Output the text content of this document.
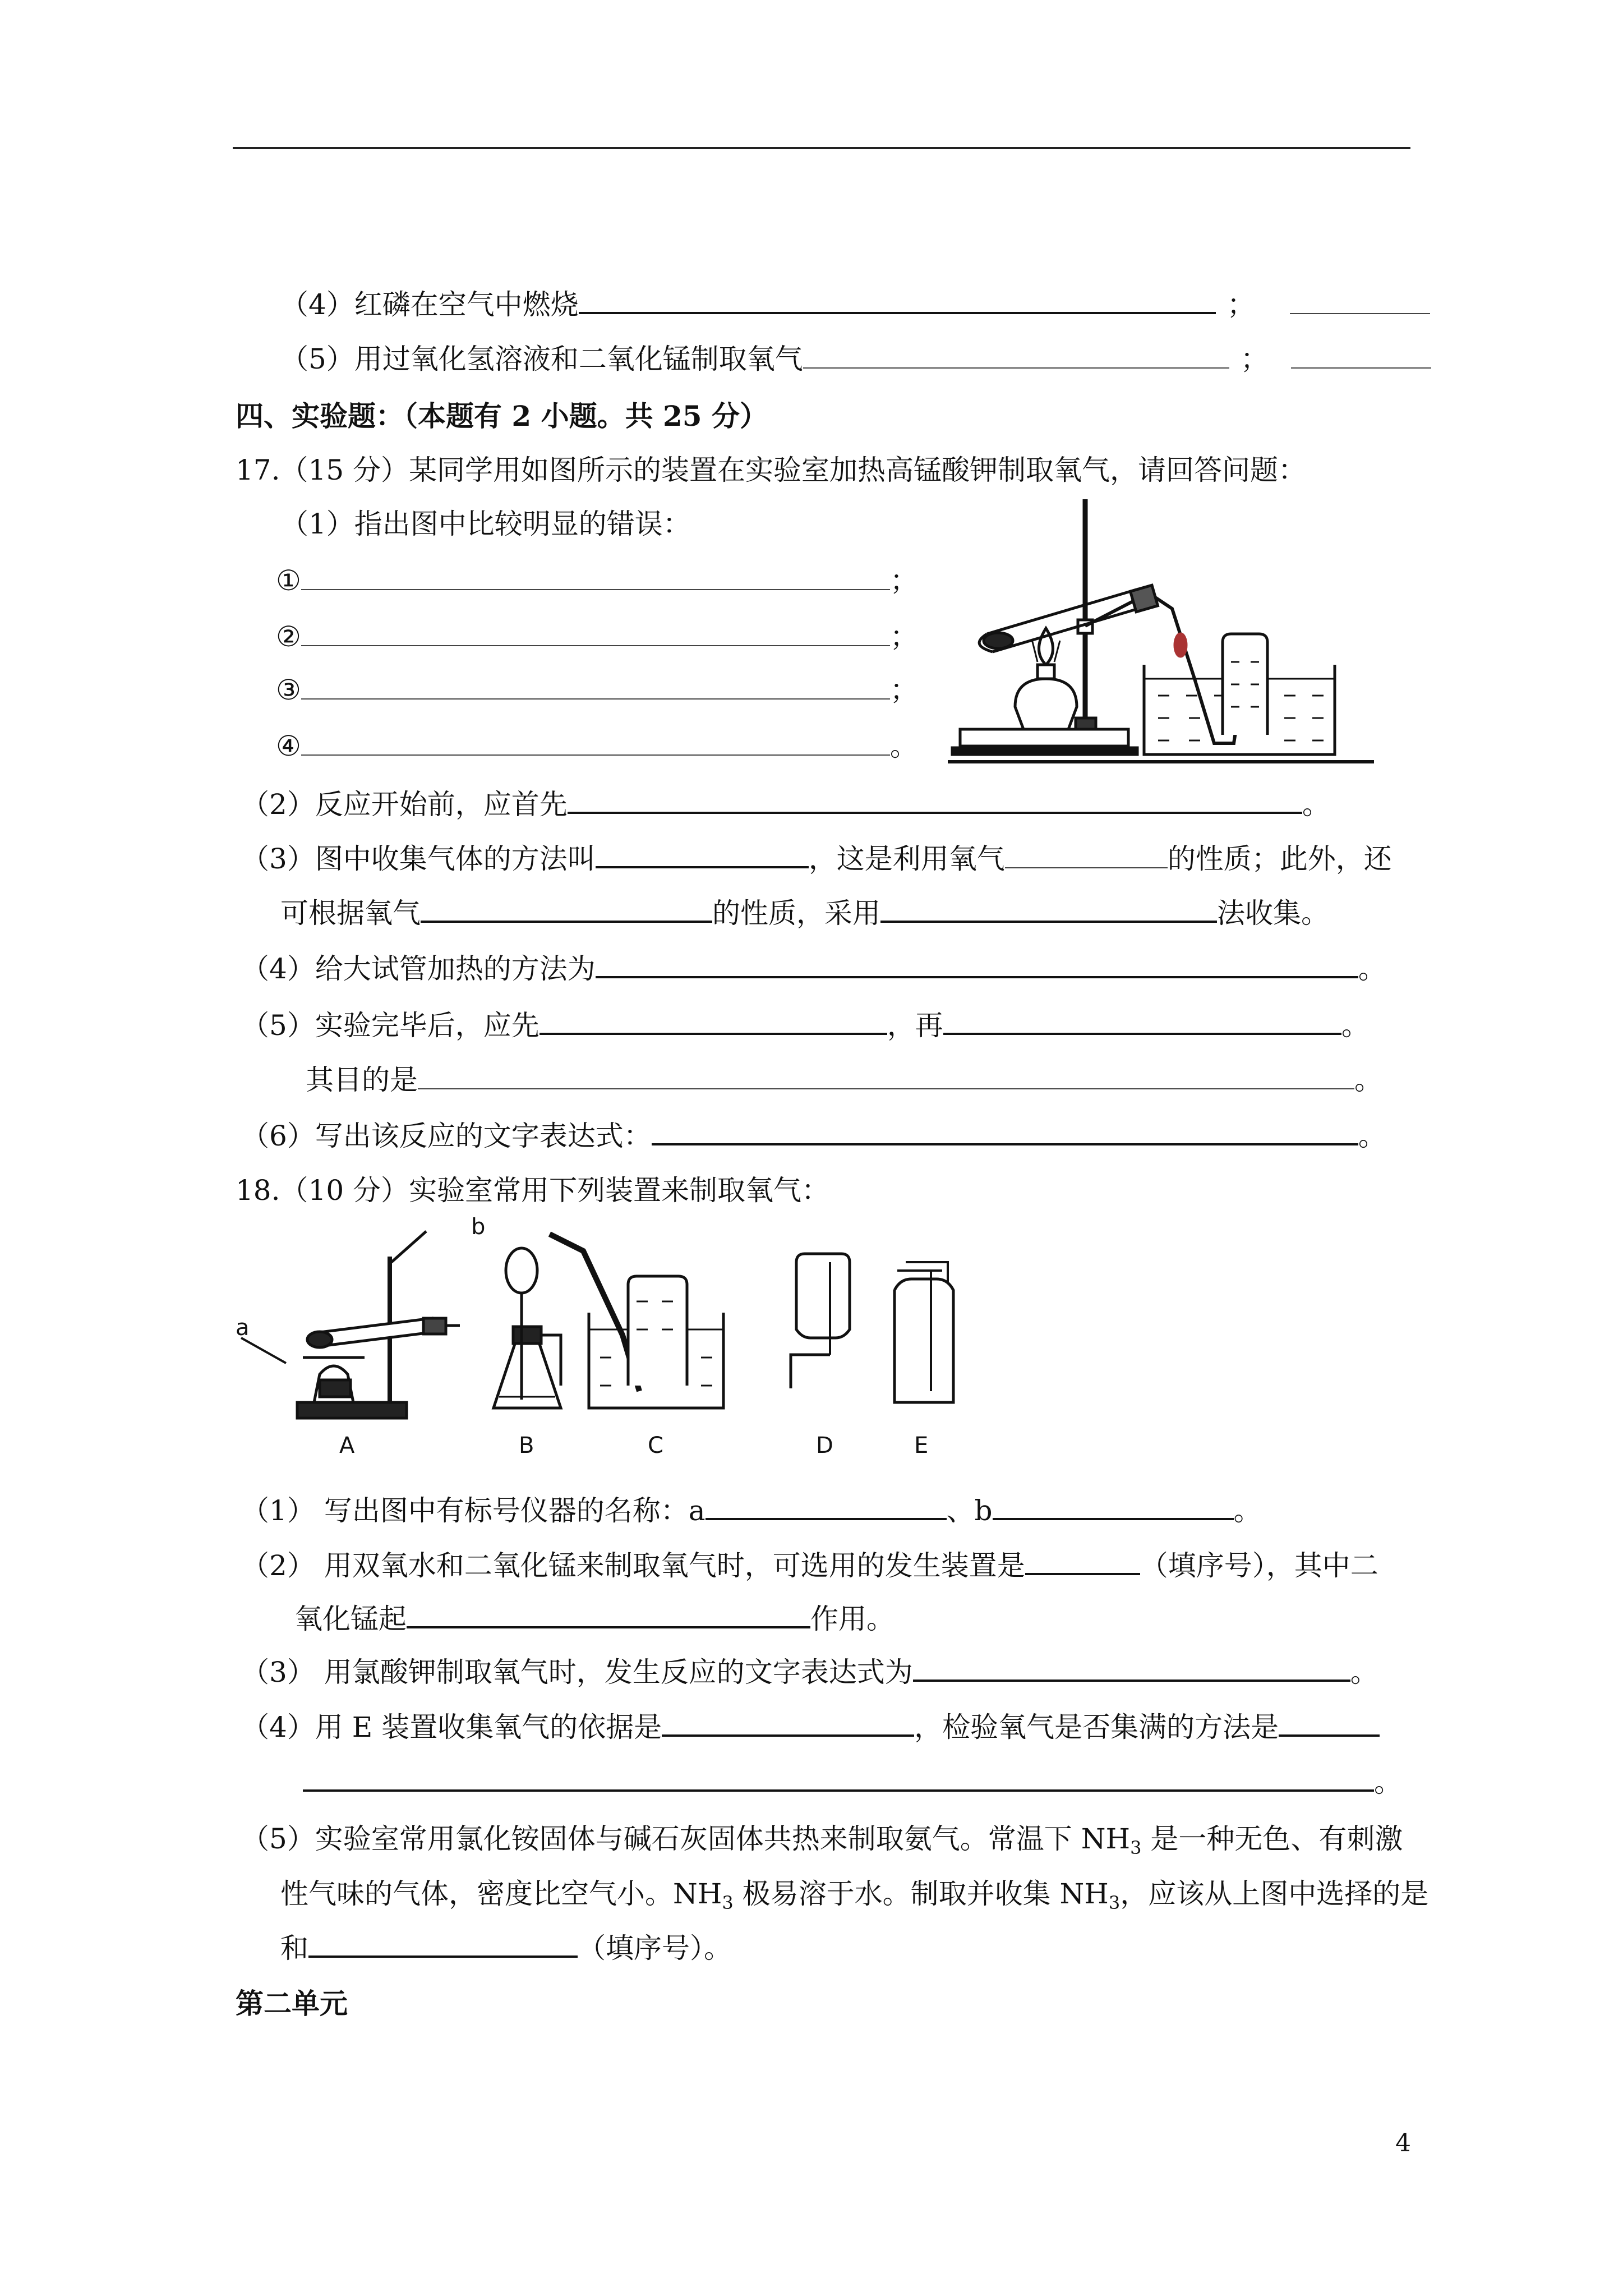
（4）红磷在空气中燃烧	；
（5）用过氧化氢溶液和二氧化锰制取氧气	；
四、实验题：（本题有 2 小题。共 25 分）
17.（15 分）某同学用如图所示的装置在实验室加热高锰酸钾制取氧气，请回答问题：
（1）指出图中比较明显的错误：
①	；
②	；
③	；
④	。
（2）反应开始前，应首先	。
（3）图中收集气体的方法叫	，这是利用氧气	的性质；此外，还
可根据氧气	的性质，采用	法收集。
（4）给大试管加热的方法为	。
（5）实验完毕后，应先	，再	。
其目的是	。
（6）写出该反应的文字表达式：	。
18.（10 分）实验室常用下列装置来制取氧气：
a
b
A	B	C	D	E
（1） 写出图中有标号仪器的名称：a	、b	。
（2） 用双氧水和二氧化锰来制取氧气时，可选用的发生装置是	（填序号），其中二
氧化锰起	作用。
（3） 用氯酸钾制取氧气时，发生反应的文字表达式为	。
（4）用 E 装置收集氧气的依据是	，检验氧气是否集满的方法是
。
（5）实验室常用氯化铵固体与碱石灰固体共热来制取氨气。常温下 $NH_3$ 是一种无色、有刺激
性气味的气体，密度比空气小。$NH_3$ 极易溶于水。制取并收集 $NH_3$，应该从上图中选择的是
和	（填序号）。
第二单元
4
